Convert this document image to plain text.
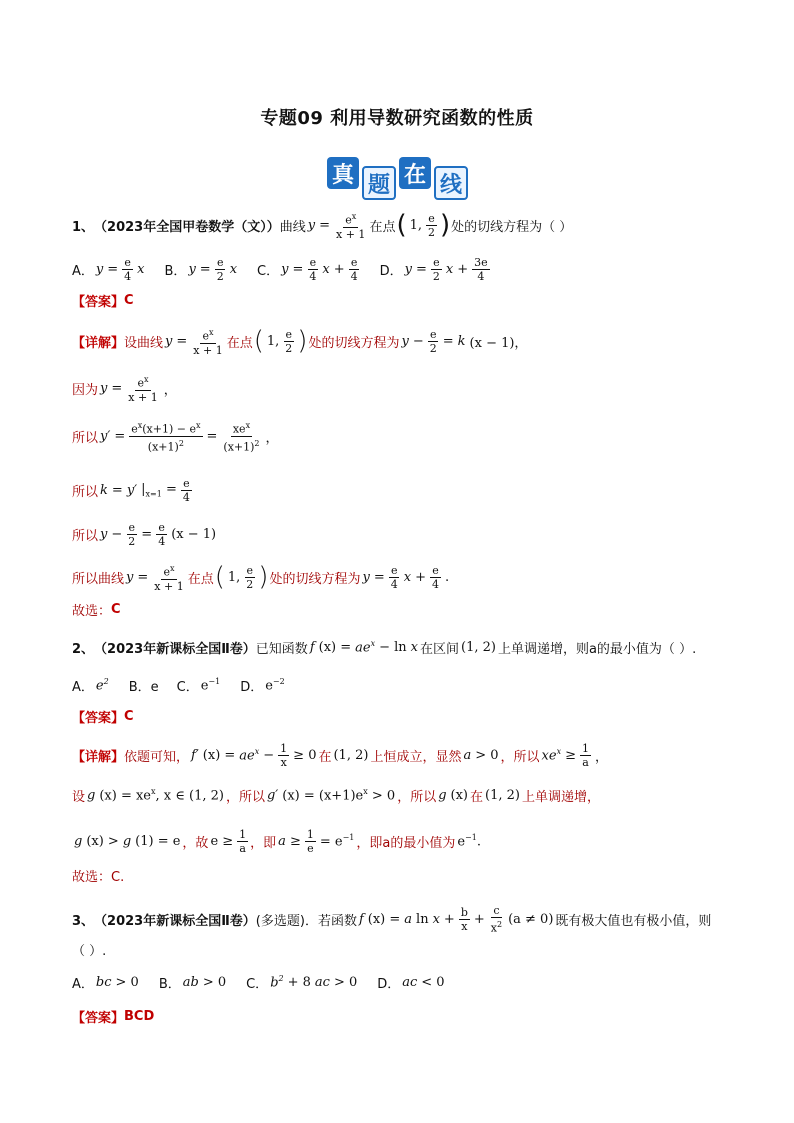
专题09 利用导数研究函数的性质
真 题 在 线
1、 （2023年全国甲卷数学（文）） 曲线 $y = \frac{e^x}{x + 1}$ 在点 ( 1, $\frac{e}{2}$ ) 处的切线方程为（ ）
A． $y = \frac{e}{4}$ x B． $y = \frac{e}{2}$ x C． $y = \frac{e}{4}$ $x + \frac{e}{4}$ D． $y = \frac{e}{2}$ $x + \frac{3e}{4}$
【答案】 C
【详解】 设曲线 $y = \frac{e^x}{x + 1}$ 在点 ( 1, $\frac{e}{2}$ ) 处的切线方程为 $y - \frac{e}{2} = k$ (x − 1)，
因为 $y = \frac{e^x}{x + 1}$ ，
所以 $y' = \frac{e^x(x+1) - e^x}{(x+1)^2} = \frac{xe^x}{(x+1)^2}$ ，
所以 k = y′ $|_{x=1} = \frac{e}{4}$
所以 $y - \frac{e}{2} = \frac{e}{4} (x - 1)$
所以曲线 $y = \frac{e^x}{x + 1}$ 在点 ( 1, $\frac{e}{2}$ ) 处的切线方程为 $y = \frac{e}{4}$ $x + \frac{e}{4}$ .
故选： C
2、 （2023年新课标全国Ⅱ卷） 已知函数 f $(x) = ae^x - \ln x$ 在区间 (1, 2) 上单调递增，则a的最小值为（ ）.
A． $e^2$ B．e C． $e^{-1}$ D． $e^{-2}$
【答案】 C
【详解】 依题可知， f′ $(x) = ae^x - \frac{1}{x} \ge 0$ 在 (1, 2) 上恒成立，显然 a > 0 ，所以 $xe^x \ge \frac{1}{a}$ ，
设 g $(x) = xe^x$, x ∈ (1, 2) ，所以 g′ $(x) = (x+1)e^x > 0$ ，所以 g (x) 在 (1, 2) 上单调递增，
g (x) > g (1) = e ，故 $e \ge \frac{1}{a}$ ，即 $a \ge \frac{1}{e} = e^{-1}$ ，即a的最小值为 $e^{-1}$.
故选：C.
3、 （2023年新课标全国Ⅱ卷） (多选题)．若函数 f (x) = a $\ln x + \frac{b}{x} + \frac{c}{x^2} (a \ne 0)$ 既有极大值也有极小值，则
（ ）.
A． bc > 0 B． ab > 0 C． $b^2 + 8$ ac > 0 D． ac < 0
【答案】 BCD
